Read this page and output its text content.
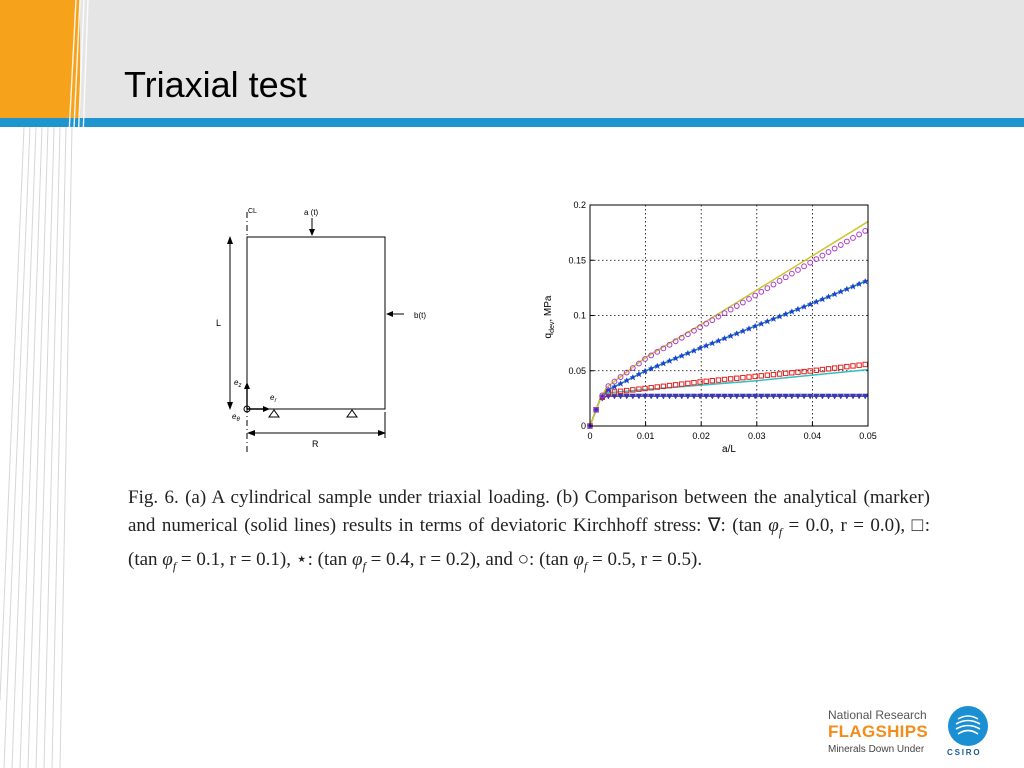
Triaxial test
CL	a (t)
b(t)
L
R
$e_z$
$e_r$
$e_\theta$
0	0.01	0.02	0.03	0.04	0.05
0
0.05
0.1
0.15
0.2
a/L
$q_{dev}$, MPa

Fig. 6. (a) A cylindrical sample under triaxial loading. (b) Comparison between the analytical (marker) and numerical (solid lines) results in terms of deviatoric Kirchhoff stress: ∇: (tan $\varphi_f = 0.0$, r = 0.0), □: (tan $\varphi_f = 0.1$, r = 0.1), ⋆: (tan $\varphi_f = 0.4$, r = 0.2), and ○: (tan $\varphi_f = 0.5$, r = 0.5).

National Research
FLAGSHIPS
Minerals Down Under	CSIRO
